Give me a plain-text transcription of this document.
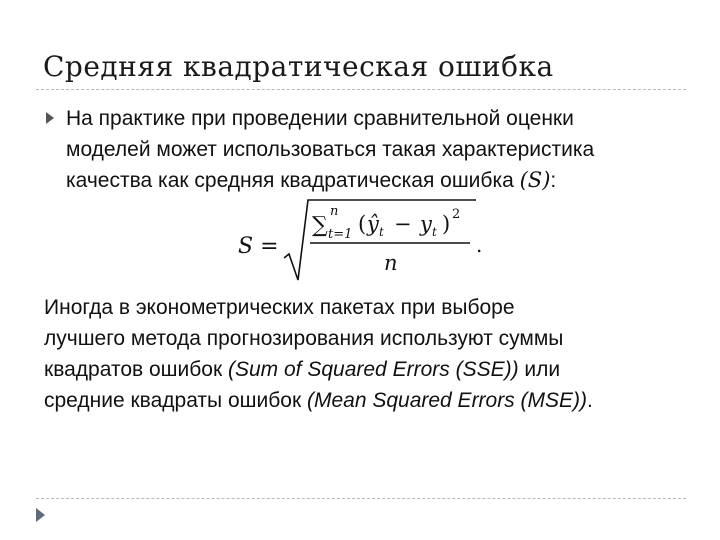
Средняя квадратическая ошибка
На практике при проведении сравнительной оценки
моделей может использоваться такая характеристика
качества как средняя квадратическая ошибка (S):
S =
∑
n
t=1 ( ŷ t − y t ) 2
n
.
Иногда в эконометрических пакетах при выборе
лучшего метода прогнозирования используют суммы
квадратов ошибок (Sum of Squared Errors (SSE)) или
средние квадраты ошибок (Mean Squared Errors (MSE)).
